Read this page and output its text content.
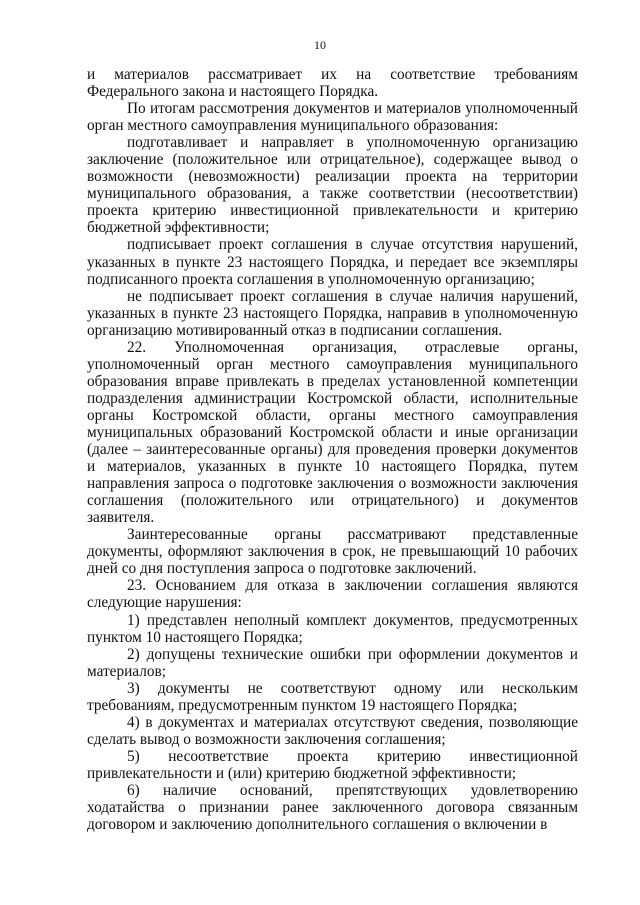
10

и материалов рассматривает их на соответствие требованиям Федерального закона и настоящего Порядка.

По итогам рассмотрения документов и материалов уполномоченный орган местного самоуправления муниципального образования:

подготавливает и направляет в уполномоченную организацию заключение (положительное или отрицательное), содержащее вывод о возможности (невозможности) реализации проекта на территории муниципального образования, а также соответствии (несоответствии) проекта критерию инвестиционной привлекательности и критерию бюджетной эффективности;

подписывает проект соглашения в случае отсутствия нарушений, указанных в пункте 23 настоящего Порядка, и передает все экземпляры подписанного проекта соглашения в уполномоченную организацию;

не подписывает проект соглашения в случае наличия нарушений, указанных в пункте 23 настоящего Порядка, направив в уполномоченную организацию мотивированный отказ в подписании соглашения.

22. Уполномоченная организация, отраслевые органы, уполномоченный орган местного самоуправления муниципального образования вправе привлекать в пределах установленной компетенции подразделения администрации Костромской области, исполнительные органы Костромской области, органы местного самоуправления муниципальных образований Костромской области и иные организации (далее – заинтересованные органы) для проведения проверки документов и материалов, указанных в пункте 10 настоящего Порядка, путем направления запроса о подготовке заключения о возможности заключения соглашения (положительного или отрицательного) и документов заявителя.

Заинтересованные органы рассматривают представленные документы, оформляют заключения в срок, не превышающий 10 рабочих дней со дня поступления запроса о подготовке заключений.

23. Основанием для отказа в заключении соглашения являются следующие нарушения:

1) представлен неполный комплект документов, предусмотренных пунктом 10 настоящего Порядка;

2) допущены технические ошибки при оформлении документов и материалов;

3) документы не соответствуют одному или нескольким требованиям, предусмотренным пунктом 19 настоящего Порядка;

4) в документах и материалах отсутствуют сведения, позволяющие сделать вывод о возможности заключения соглашения;

5) несоответствие проекта критерию инвестиционной привлекательности и (или) критерию бюджетной эффективности;

6) наличие оснований, препятствующих удовлетворению ходатайства о признании ранее заключенного договора связанным договором и заключению дополнительного соглашения о включении в
